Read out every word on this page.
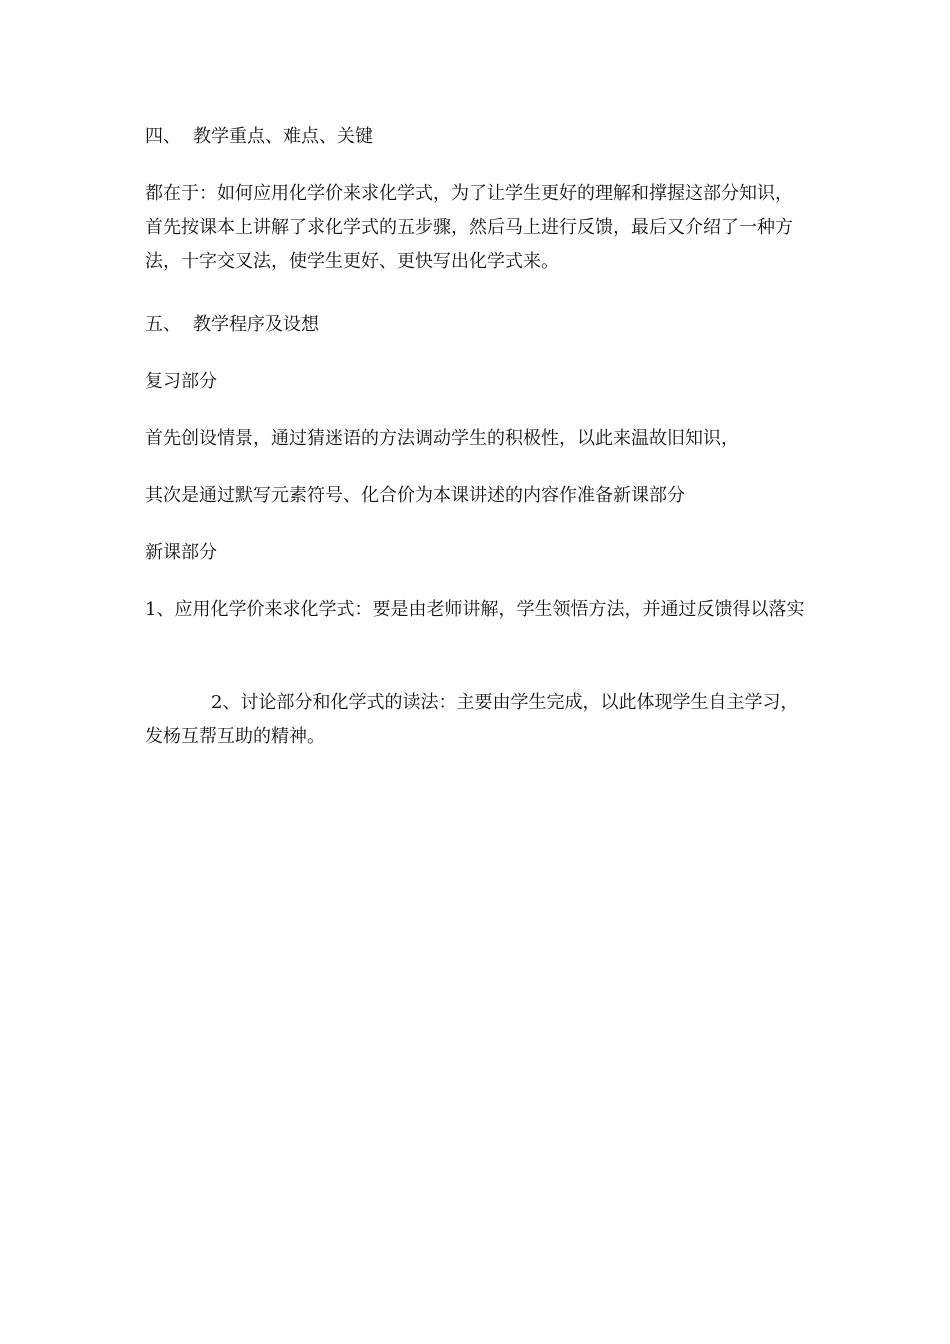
四、 教学重点、难点、关键

都在于：如何应用化学价来求化学式，为了让学生更好的理解和撑握这部分知识，首先按课本上讲解了求化学式的五步骤，然后马上进行反馈，最后又介绍了一种方法，十字交叉法，使学生更好、更快写出化学式来。

五、 教学程序及设想

复习部分

首先创设情景，通过猜迷语的方法调动学生的积极性，以此来温故旧知识，

其次是通过默写元素符号、化合价为本课讲述的内容作准备新课部分

新课部分

1、应用化学价来求化学式：要是由老师讲解，学生领悟方法，并通过反馈得以落实

2、讨论部分和化学式的读法：主要由学生完成，以此体现学生自主学习，发杨互帮互助的精神。
